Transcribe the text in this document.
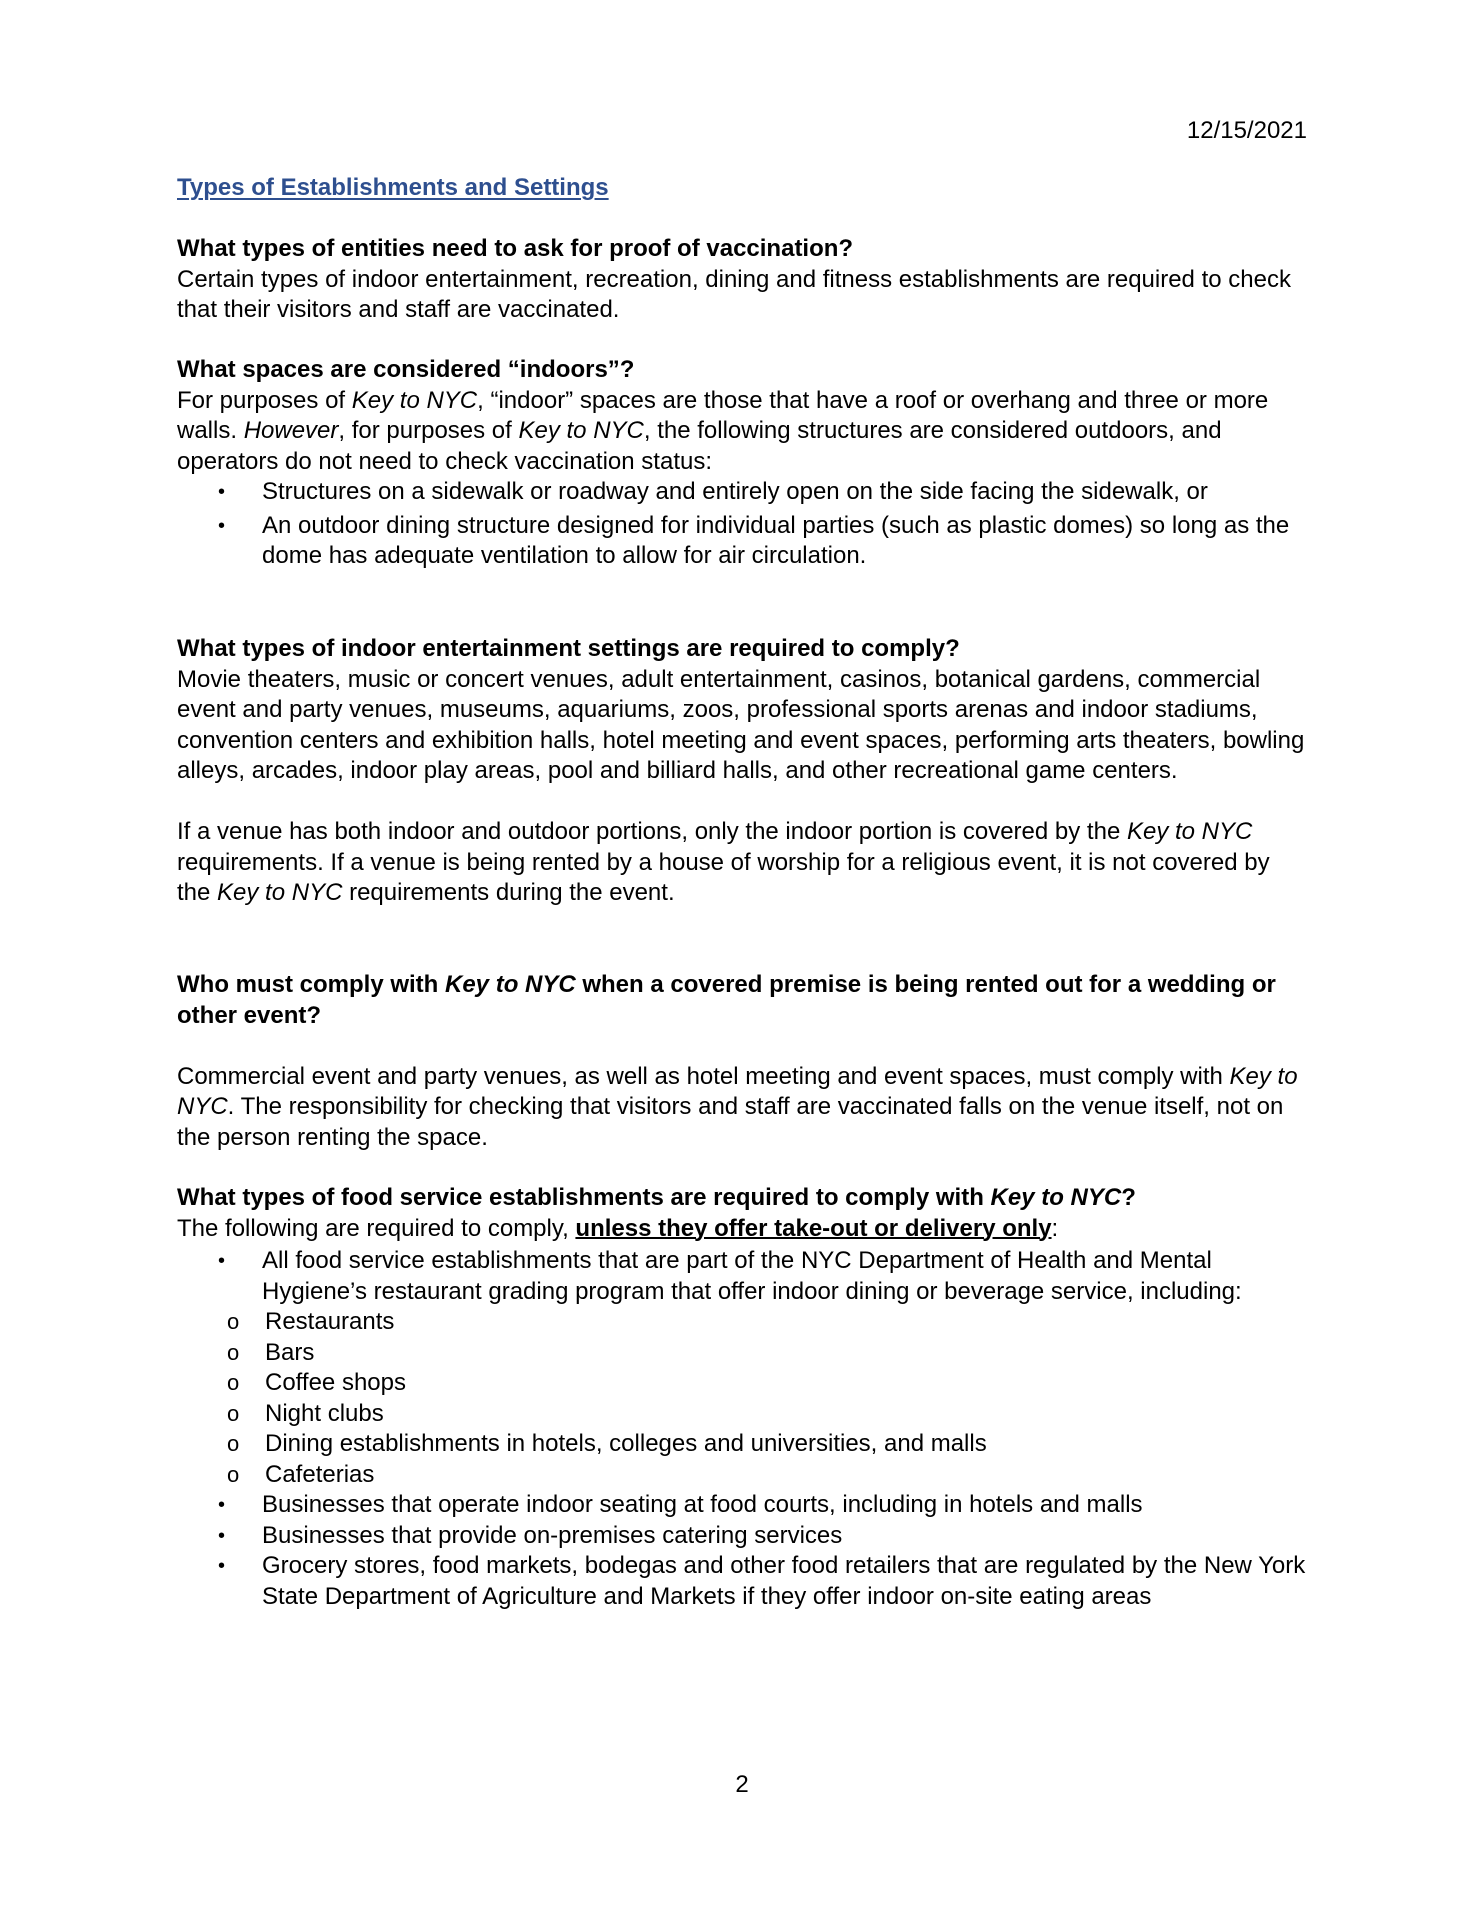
12/15/2021
Types of Establishments and Settings

What types of entities need to ask for proof of vaccination?

Certain types of indoor entertainment, recreation, dining and fitness establishments are required to check that their visitors and staff are vaccinated.

What spaces are considered “indoors”?

For purposes of Key to NYC, “indoor” spaces are those that have a roof or overhang and three or more walls. However, for purposes of Key to NYC, the following structures are considered outdoors, and operators do not need to check vaccination status:

• Structures on a sidewalk or roadway and entirely open on the side facing the sidewalk, or
• An outdoor dining structure designed for individual parties (such as plastic domes) so long as the dome has adequate ventilation to allow for air circulation.

What types of indoor entertainment settings are required to comply?

Movie theaters, music or concert venues, adult entertainment, casinos, botanical gardens, commercial event and party venues, museums, aquariums, zoos, professional sports arenas and indoor stadiums, convention centers and exhibition halls, hotel meeting and event spaces, performing arts theaters, bowling alleys, arcades, indoor play areas, pool and billiard halls, and other recreational game centers.

If a venue has both indoor and outdoor portions, only the indoor portion is covered by the Key to NYC requirements. If a venue is being rented by a house of worship for a religious event, it is not covered by the Key to NYC requirements during the event.

Who must comply with Key to NYC when a covered premise is being rented out for a wedding or other event?

Commercial event and party venues, as well as hotel meeting and event spaces, must comply with Key to NYC. The responsibility for checking that visitors and staff are vaccinated falls on the venue itself, not on the person renting the space.

What types of food service establishments are required to comply with Key to NYC?

The following are required to comply, unless they offer take-out or delivery only:

• All food service establishments that are part of the NYC Department of Health and Mental Hygiene’s restaurant grading program that offer indoor dining or beverage service, including:
o Restaurants
o Bars
o Coffee shops
o Night clubs
o Dining establishments in hotels, colleges and universities, and malls
o Cafeterias
• Businesses that operate indoor seating at food courts, including in hotels and malls
• Businesses that provide on-premises catering services
• Grocery stores, food markets, bodegas and other food retailers that are regulated by the New York State Department of Agriculture and Markets if they offer indoor on-site eating areas
2
